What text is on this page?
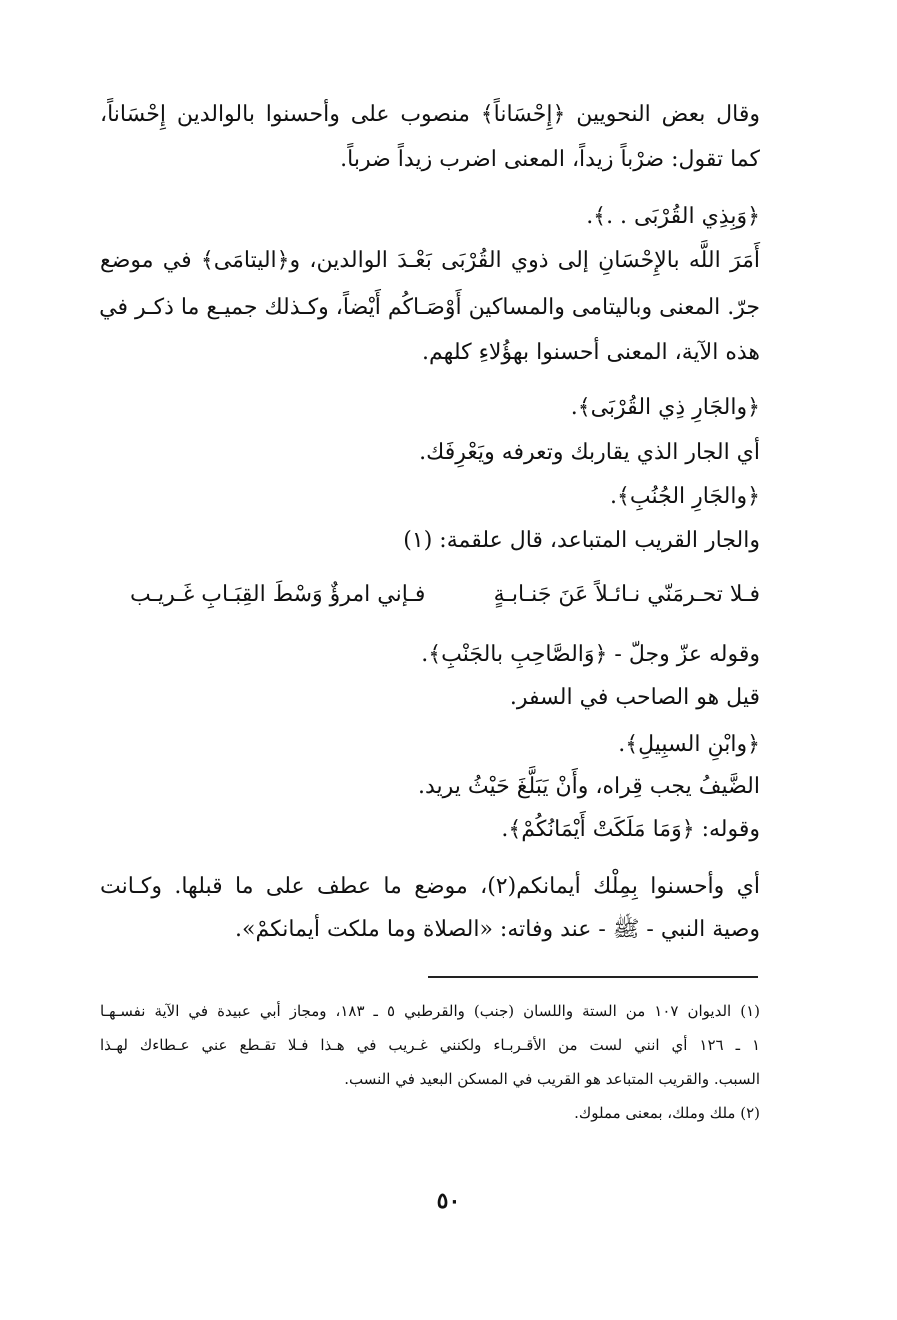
وقال بعض النحويين ﴿إِحْسَاناً﴾ منصوب على وأحسنوا بالوالدين إِحْسَاناً،
كما تقول: ضرْباً زيداً، المعنى اضرب زيداً ضرباً.
﴿وَبِذِي القُرْبَى . .﴾.
أَمَرَ اللَّه بالإِحْسَانِ إلى ذوي القُرْبَى بَعْـدَ الوالدين، و﴿اليتامَى﴾ في موضع
جرّ. المعنى وباليتامى والمساكين أَوْصَـاكُم أَيْضاً، وكـذلك جميـع ما ذكـر في
هذه الآية، المعنى أحسنوا بهؤُلاءِ كلهم.
﴿والجَارِ ذِي القُرْبَى﴾.
أي الجار الذي يقاربك وتعرفه ويَعْرِفَك.
﴿والجَارِ الجُنُبِ﴾.
والجار القريب المتباعد، قال علقمة: (١)
فـلا تحـرمَنّي نـائـلاً عَنَ جَنـابـةٍ
فـإني امرؤٌ وَسْطَ القِبَـابِ غَـريـب
وقوله عزّ وجلّ - ﴿وَالصَّاحِبِ بالجَنْبِ﴾.
قيل هو الصاحب في السفر.
﴿وابْنِ السبِيلِ﴾.
الضَّيفُ يجب قِراه، وأَنْ يَبَلَّغَ حَيْثُ يريد.
وقوله: ﴿وَمَا مَلَكَتْ أَيْمَانُكُمْ﴾.
أي وأحسنوا بِمِلْك أيمانكم(٢)، موضع ما عطف على ما قبلها. وكـانت
وصية النبي - ﷺ - عند وفاته: «الصلاة وما ملكت أيمانكمْ».
(١) الديوان ١٠٧ من الستة واللسان (جنب) والقرطبي ٥ ـ ١٨٣، ومجاز أبي عبيدة في الآية نفسـهـا
١ ـ ١٢٦ أي انني لست من الأقـربـاء ولكنني غـريب في هـذا فـلا تقـطع عني عـطاءك لهـذا
السبب. والقريب المتباعد هو القريب في المسكن البعيد في النسب.
(٢) ملك وملك، بمعنى مملوك.
٥٠
